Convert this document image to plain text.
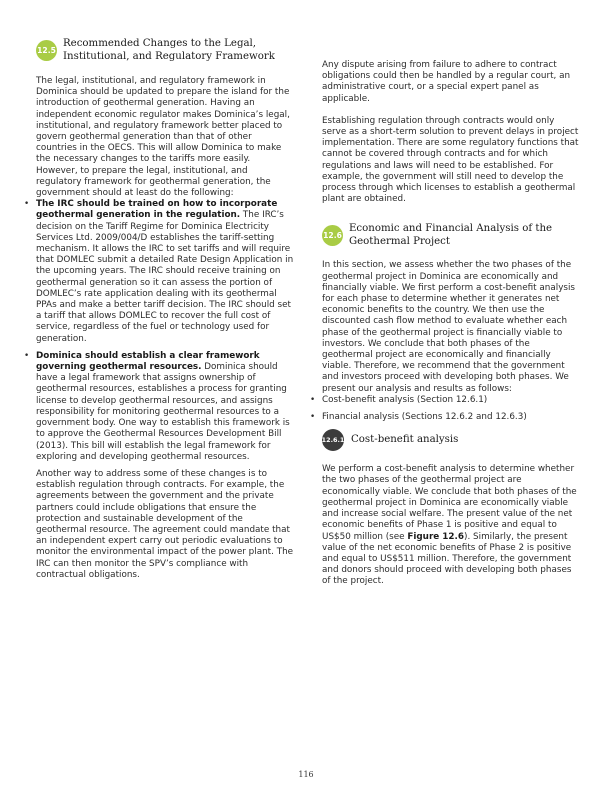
12.5
Recommended Changes to the Legal, Institutional, and Regulatory Framework

The legal, institutional, and regulatory framework in Dominica should be updated to prepare the island for the introduction of geothermal generation. Having an independent economic regulator makes Dominica’s legal, institutional, and regulatory framework better placed to govern geothermal generation than that of other countries in the OECS. This will allow Dominica to make the necessary changes to the tariffs more easily. However, to prepare the legal, institutional, and regulatory framework for geothermal generation, the government should at least do the following:

• The IRC should be trained on how to incorporate geothermal generation in the regulation. The IRC’s decision on the Tariff Regime for Dominica Electricity Services Ltd. 2009/004/D establishes the tariff-setting mechanism. It allows the IRC to set tariffs and will require that DOMLEC submit a detailed Rate Design Application in the upcoming years. The IRC should receive training on geothermal generation so it can assess the portion of DOMLEC’s rate application dealing with its geothermal PPAs and make a better tariff decision. The IRC should set a tariff that allows DOMLEC to recover the full cost of service, regardless of the fuel or technology used for generation.
• Dominica should establish a clear framework governing geothermal resources. Dominica should have a legal framework that assigns ownership of geothermal resources, establishes a process for granting license to develop geothermal resources, and assigns responsibility for monitoring geothermal resources to a government body. One way to establish this framework is to approve the Geothermal Resources Development Bill (2013). This bill will establish the legal framework for exploring and developing geothermal resources.

Another way to address some of these changes is to establish regulation through contracts. For example, the agreements between the government and the private partners could include obligations that ensure the protection and sustainable development of the geothermal resource. The agreement could mandate that an independent expert carry out periodic evaluations to monitor the environmental impact of the power plant. The IRC can then monitor the SPV’s compliance with contractual obligations.

Any dispute arising from failure to adhere to contract obligations could then be handled by a regular court, an administrative court, or a special expert panel as applicable.

Establishing regulation through contracts would only serve as a short-term solution to prevent delays in project implementation. There are some regulatory functions that cannot be covered through contracts and for which regulations and laws will need to be established. For example, the government will still need to develop the process through which licenses to establish a geothermal plant are obtained.

12.6
Economic and Financial Analysis of the Geothermal Project

In this section, we assess whether the two phases of the geothermal project in Dominica are economically and financially viable. We first perform a cost-benefit analysis for each phase to determine whether it generates net economic benefits to the country. We then use the discounted cash flow method to evaluate whether each phase of the geothermal project is financially viable to investors. We conclude that both phases of the geothermal project are economically and financially viable. Therefore, we recommend that the government and investors proceed with developing both phases. We present our analysis and results as follows:

• Cost-benefit analysis (Section 12.6.1)
• Financial analysis (Sections 12.6.2 and 12.6.3)
12.6.1 Cost-benefit analysis

We perform a cost-benefit analysis to determine whether the two phases of the geothermal project are economically viable. We conclude that both phases of the geothermal project in Dominica are economically viable and increase social welfare. The present value of the net economic benefits of Phase 1 is positive and equal to US$50 million (see Figure 12.6). Similarly, the present value of the net economic benefits of Phase 2 is positive and equal to US$511 million. Therefore, the government and donors should proceed with developing both phases of the project.

116
